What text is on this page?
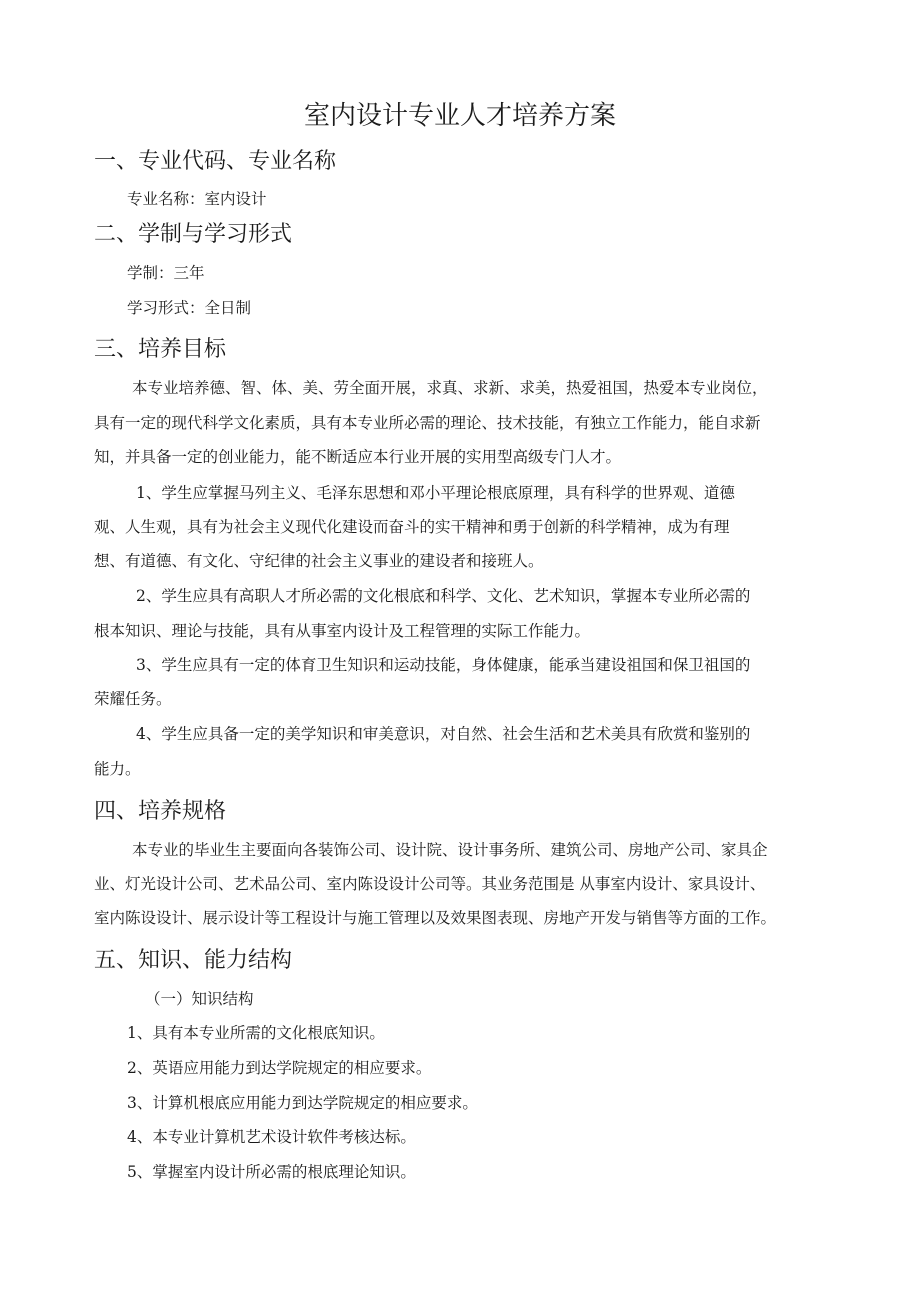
室内设计专业人才培养方案
一、专业代码、专业名称

专业名称：室内设计

二、学制与学习形式

学制：三年

学习形式：全日制

三、培养目标

本专业培养德、智、体、美、劳全面开展，求真、求新、求美，热爱祖国，热爱本专业岗位，

具有一定的现代科学文化素质，具有本专业所必需的理论、技术技能，有独立工作能力，能自求新

知，并具备一定的创业能力，能不断适应本行业开展的实用型高级专门人才。

1、学生应掌握马列主义、毛泽东思想和邓小平理论根底原理，具有科学的世界观、道德

观、人生观，具有为社会主义现代化建设而奋斗的实干精神和勇于创新的科学精神，成为有理

想、有道德、有文化、守纪律的社会主义事业的建设者和接班人。

2、学生应具有高职人才所必需的文化根底和科学、文化、艺术知识，掌握本专业所必需的

根本知识、理论与技能，具有从事室内设计及工程管理的实际工作能力。

3、学生应具有一定的体育卫生知识和运动技能，身体健康，能承当建设祖国和保卫祖国的

荣耀任务。

4、学生应具备一定的美学知识和审美意识，对自然、社会生活和艺术美具有欣赏和鉴别的

能力。

四、培养规格

本专业的毕业生主要面向各装饰公司、设计院、设计事务所、建筑公司、房地产公司、家具企

业、灯光设计公司、艺术品公司、室内陈设设计公司等。其业务范围是 从事室内设计、家具设计、

室内陈设设计、展示设计等工程设计与施工管理以及效果图表现、房地产开发与销售等方面的工作。

五、知识、能力结构

（一）知识结构

1、具有本专业所需的文化根底知识。

2、英语应用能力到达学院规定的相应要求。

3、计算机根底应用能力到达学院规定的相应要求。

4、本专业计算机艺术设计软件考核达标。

5、掌握室内设计所必需的根底理论知识。
